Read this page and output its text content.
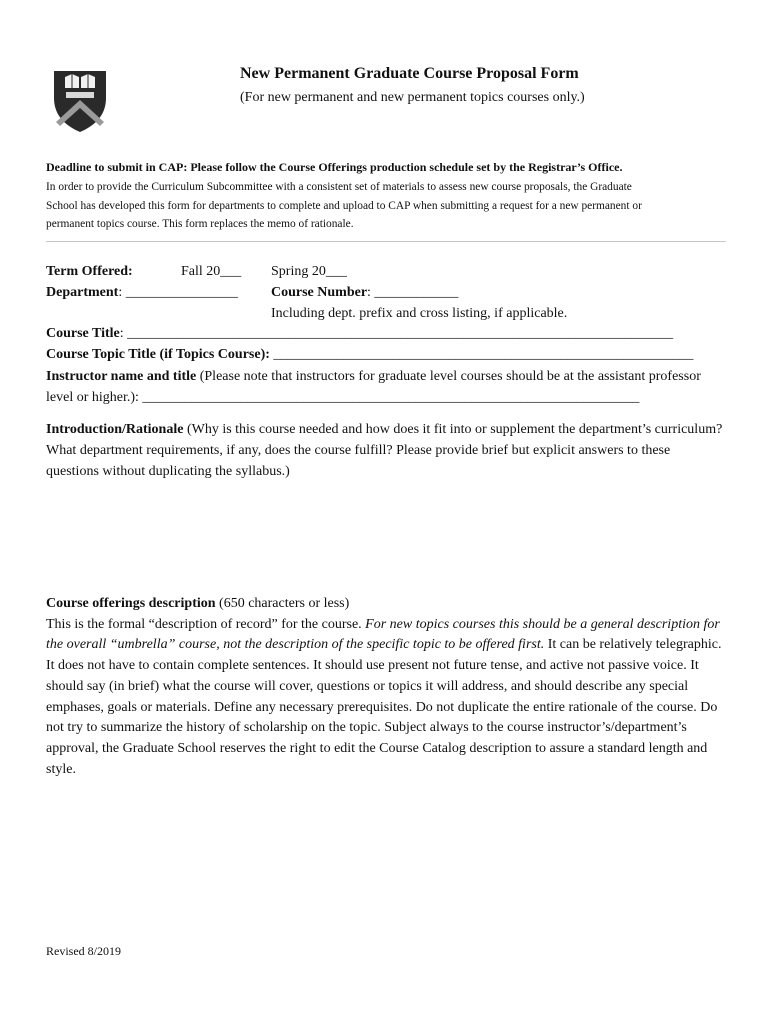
New Permanent Graduate Course Proposal Form
(For new permanent and new permanent topics courses only.)
Deadline to submit in CAP: Please follow the Course Offerings production schedule set by the Registrar’s Office.
In order to provide the Curriculum Subcommittee with a consistent set of materials to assess new course proposals, the Graduate
School has developed this form for departments to complete and upload to CAP when submitting a request for a new permanent or
permanent topics course. This form replaces the memo of rationale.
Term Offered:	Fall 20___ Spring 20___
Department: ________________ Course Number: ____________
Including dept. prefix and cross listing, if applicable.
Course Title: ______________________________________________________________________________
Course Topic Title (if Topics Course): ____________________________________________________________
Instructor name and title (Please note that instructors for graduate level courses should be at the assistant professor level or higher.): _______________________________________________________________________
Introduction/Rationale (Why is this course needed and how does it fit into or supplement the department’s curriculum? What department requirements, if any, does the course fulfill? Please provide brief but explicit answers to these questions without duplicating the syllabus.)
Course offerings description (650 characters or less)
This is the formal “description of record” for the course. For new topics courses this should be a general description for the overall “umbrella” course, not the description of the specific topic to be offered first. It can be relatively telegraphic. It does not have to contain complete sentences. It should use present not future tense, and active not passive voice. It should say (in brief) what the course will cover, questions or topics it will address, and should describe any special emphases, goals or materials. Define any necessary prerequisites. Do not duplicate the entire rationale of the course. Do not try to summarize the history of scholarship on the topic. Subject always to the course instructor’s/department’s approval, the Graduate School reserves the right to edit the Course Catalog description to assure a standard length and style.
Revised 8/2019
